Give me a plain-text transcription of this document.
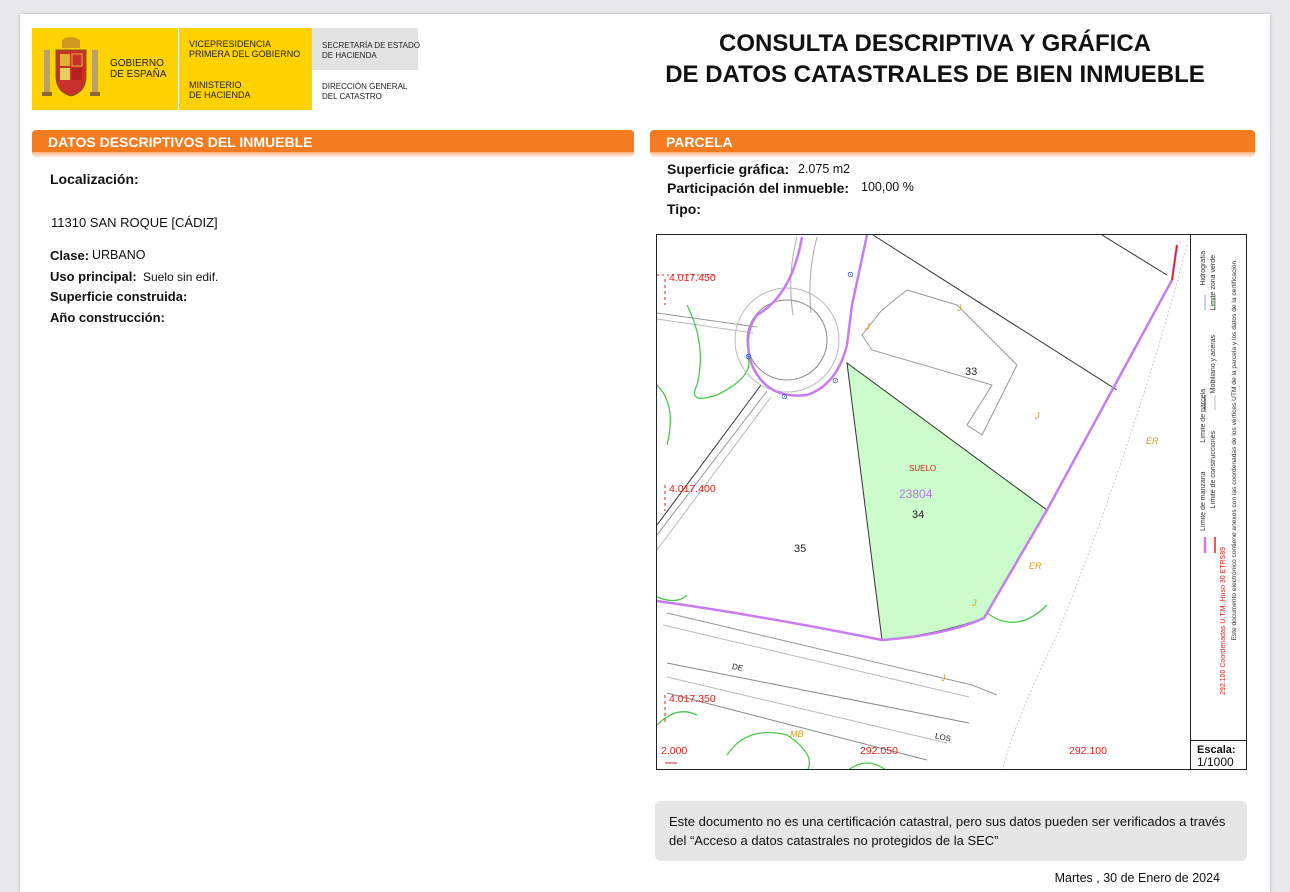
GOBIERNO
DE ESPAÑA
VICEPRESIDENCIA
PRIMERA DEL GOBIERNO
MINISTERIO
DE HACIENDA
SECRETARÍA DE ESTADO
DE HACIENDA
DIRECCIÓN GENERAL
DEL CATASTRO
CONSULTA DESCRIPTIVA Y GRÁFICA
DE DATOS CATASTRALES DE BIEN INMUEBLE
DATOS DESCRIPTIVOS DEL INMUEBLE
Localización:
11310 SAN ROQUE [CÁDIZ]
Clase: URBANO
Uso principal: Suelo sin edif.
Superficie construida:
Año construcción:
PARCELA
Superficie gráfica: 2.075 m2
Participación del inmueble: 100,00 %
Tipo:
⊙
⊙
⊙
⊙
4.017.450
4.017.400
4.017.350
2.000	292.050	292.100
SUELO
23804
33
34
35
ER
ER
J
J
J
J
J
MB
DE
LOS
Límite de manzana
Límite de parcela
Hidrografía
Límite de construcciones
Mobiliario y aceras
Límite zona verde
292.100 Coordenadas U.T.M. Huso 30 ETRS89 Este documento electrónico contiene anexos con las coordenadas de los vértices UTM de la parcela y los datos de la certificación.
Escala:
1/1000
Este documento no es una certificación catastral, pero sus datos pueden ser verificados a través del “Acceso a datos catastrales no protegidos de la SEC”
Martes , 30 de Enero de 2024
